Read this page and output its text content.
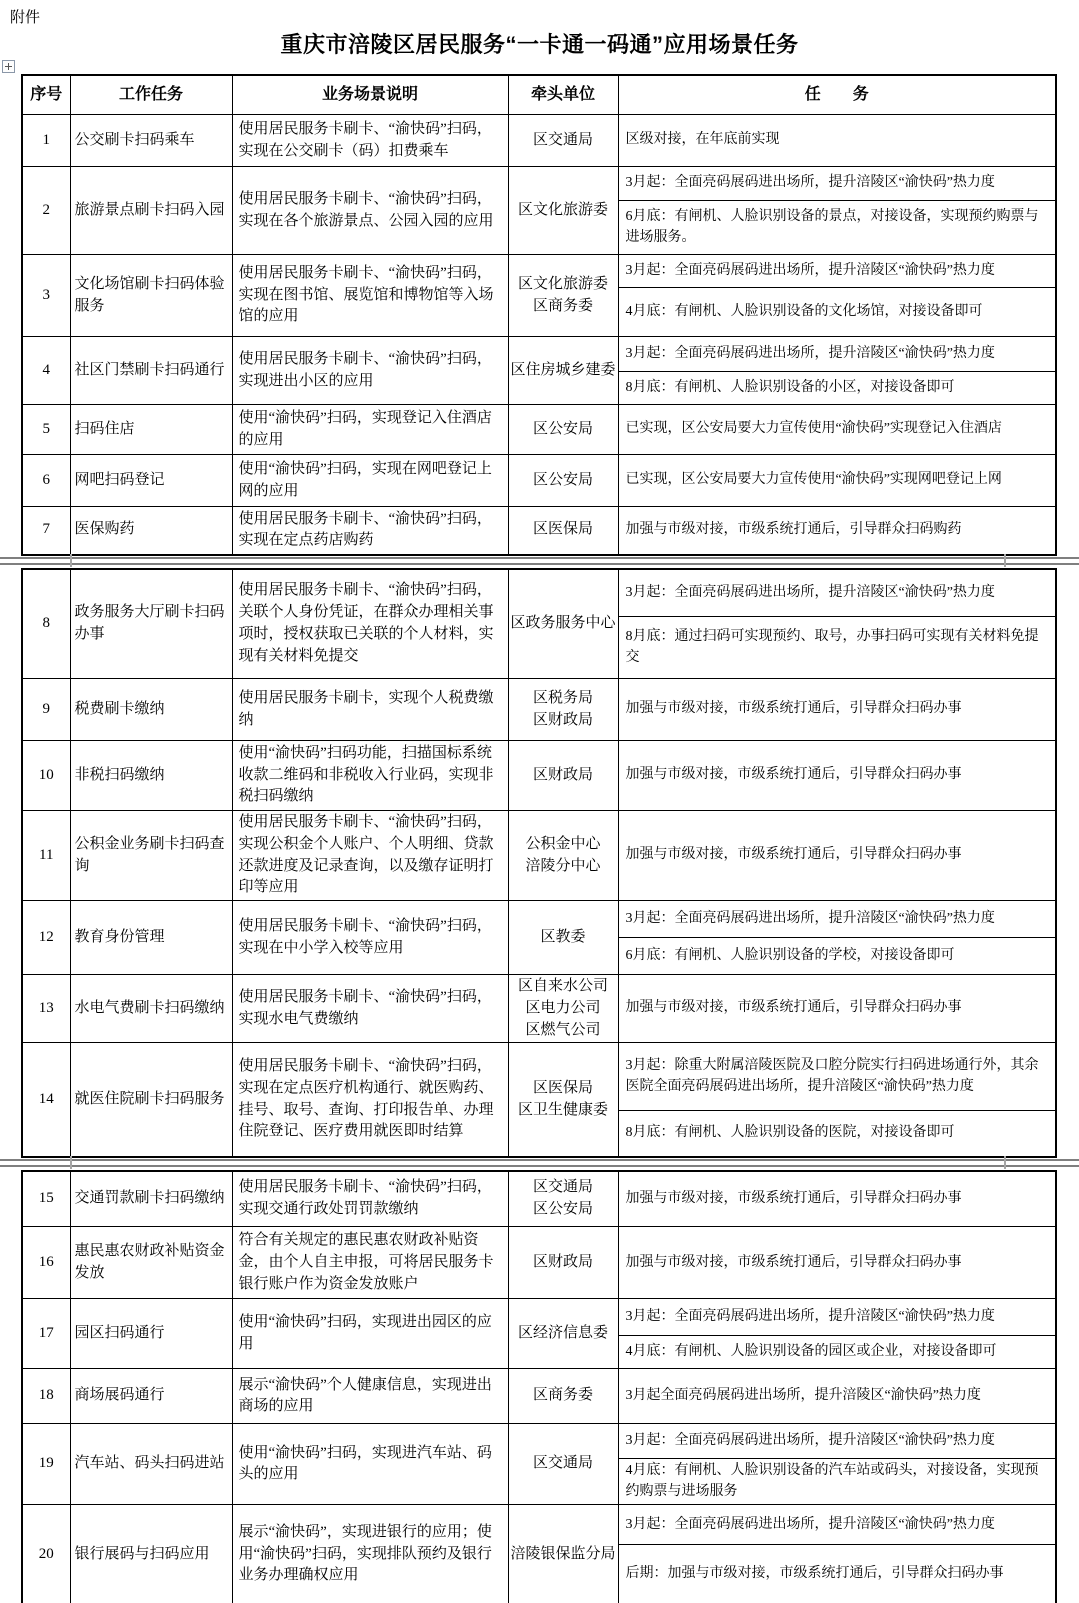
附件
重庆市涪陵区居民服务“一卡通一码通”应用场景任务
序号	工作任务	业务场景说明	牵头单位	任　　务
1	公交刷卡扫码乘车	使用居民服务卡刷卡、“渝快码”扫码，实现在公交刷卡（码）扣费乘车	区交通局	区级对接，在年底前实现
2	旅游景点刷卡扫码入园	使用居民服务卡刷卡、“渝快码”扫码，实现在各个旅游景点、公园入园的应用	区文化旅游委	3月起：全面亮码展码进出场所，提升涪陵区“渝快码”热力度
				6月底：有闸机、人脸识别设备的景点，对接设备，实现预约购票与进场服务。
3	文化场馆刷卡扫码体验服务	使用居民服务卡刷卡、“渝快码”扫码，实现在图书馆、展览馆和博物馆等入场馆的应用	区文化旅游委
区商务委	3月起：全面亮码展码进出场所，提升涪陵区“渝快码”热力度
				4月底：有闸机、人脸识别设备的文化场馆，对接设备即可
4	社区门禁刷卡扫码通行	使用居民服务卡刷卡、“渝快码”扫码，实现进出小区的应用	区住房城乡建委	3月起：全面亮码展码进出场所，提升涪陵区“渝快码”热力度
				8月底：有闸机、人脸识别设备的小区，对接设备即可
5	扫码住店	使用“渝快码”扫码，实现登记入住酒店的应用	区公安局	已实现，区公安局要大力宣传使用“渝快码”实现登记入住酒店
6	网吧扫码登记	使用“渝快码”扫码，实现在网吧登记上网的应用	区公安局	已实现，区公安局要大力宣传使用“渝快码”实现网吧登记上网
7	医保购药	使用居民服务卡刷卡、“渝快码”扫码，实现在定点药店购药	区医保局	加强与市级对接，市级系统打通后，引导群众扫码购药
8	政务服务大厅刷卡扫码办事	使用居民服务卡刷卡、“渝快码”扫码，关联个人身份凭证，在群众办理相关事项时，授权获取已关联的个人材料，实现有关材料免提交	区政务服务中心	3月起：全面亮码展码进出场所，提升涪陵区“渝快码”热力度
				8月底：通过扫码可实现预约、取号，办事扫码可实现有关材料免提交
9	税费刷卡缴纳	使用居民服务卡刷卡，实现个人税费缴纳	区税务局
区财政局	加强与市级对接，市级系统打通后，引导群众扫码办事
10	非税扫码缴纳	使用“渝快码”扫码功能，扫描国标系统收款二维码和非税收入行业码，实现非税扫码缴纳	区财政局	加强与市级对接，市级系统打通后，引导群众扫码办事
11	公积金业务刷卡扫码查询	使用居民服务卡刷卡、“渝快码”扫码，实现公积金个人账户、个人明细、贷款还款进度及记录查询，以及缴存证明打印等应用	公积金中心
涪陵分中心	加强与市级对接，市级系统打通后，引导群众扫码办事
12	教育身份管理	使用居民服务卡刷卡、“渝快码”扫码，实现在中小学入校等应用	区教委	3月起：全面亮码展码进出场所，提升涪陵区“渝快码”热力度
				6月底：有闸机、人脸识别设备的学校，对接设备即可
13	水电气费刷卡扫码缴纳	使用居民服务卡刷卡、“渝快码”扫码，实现水电气费缴纳	区自来水公司
区电力公司
区燃气公司	加强与市级对接，市级系统打通后，引导群众扫码办事
14	就医住院刷卡扫码服务	使用居民服务卡刷卡、“渝快码”扫码，实现在定点医疗机构通行、就医购药、挂号、取号、查询、打印报告单、办理住院登记、医疗费用就医即时结算	区医保局
区卫生健康委	3月起：除重大附属涪陵医院及口腔分院实行扫码进场通行外，其余医院全面亮码展码进出场所，提升涪陵区“渝快码”热力度
				8月底：有闸机、人脸识别设备的医院，对接设备即可
15	交通罚款刷卡扫码缴纳	使用居民服务卡刷卡、“渝快码”扫码，实现交通行政处罚罚款缴纳	区交通局
区公安局	加强与市级对接，市级系统打通后，引导群众扫码办事
16	惠民惠农财政补贴资金发放	符合有关规定的惠民惠农财政补贴资金，由个人自主申报，可将居民服务卡银行账户作为资金发放账户	区财政局	加强与市级对接，市级系统打通后，引导群众扫码办事
17	园区扫码通行	使用“渝快码”扫码，实现进出园区的应用	区经济信息委	3月起：全面亮码展码进出场所，提升涪陵区“渝快码”热力度
				4月底：有闸机、人脸识别设备的园区或企业，对接设备即可
18	商场展码通行	展示“渝快码”个人健康信息，实现进出商场的应用	区商务委	3月起全面亮码展码进出场所，提升涪陵区“渝快码”热力度
19	汽车站、码头扫码进站	使用“渝快码”扫码，实现进汽车站、码头的应用	区交通局	3月起：全面亮码展码进出场所，提升涪陵区“渝快码”热力度
				4月底：有闸机、人脸识别设备的汽车站或码头，对接设备，实现预约购票与进场服务
20	银行展码与扫码应用	展示“渝快码”，实现进银行的应用；使用“渝快码”扫码，实现排队预约及银行业务办理确权应用	涪陵银保监分局	3月起：全面亮码展码进出场所，提升涪陵区“渝快码”热力度
				后期：加强与市级对接，市级系统打通后，引导群众扫码办事
